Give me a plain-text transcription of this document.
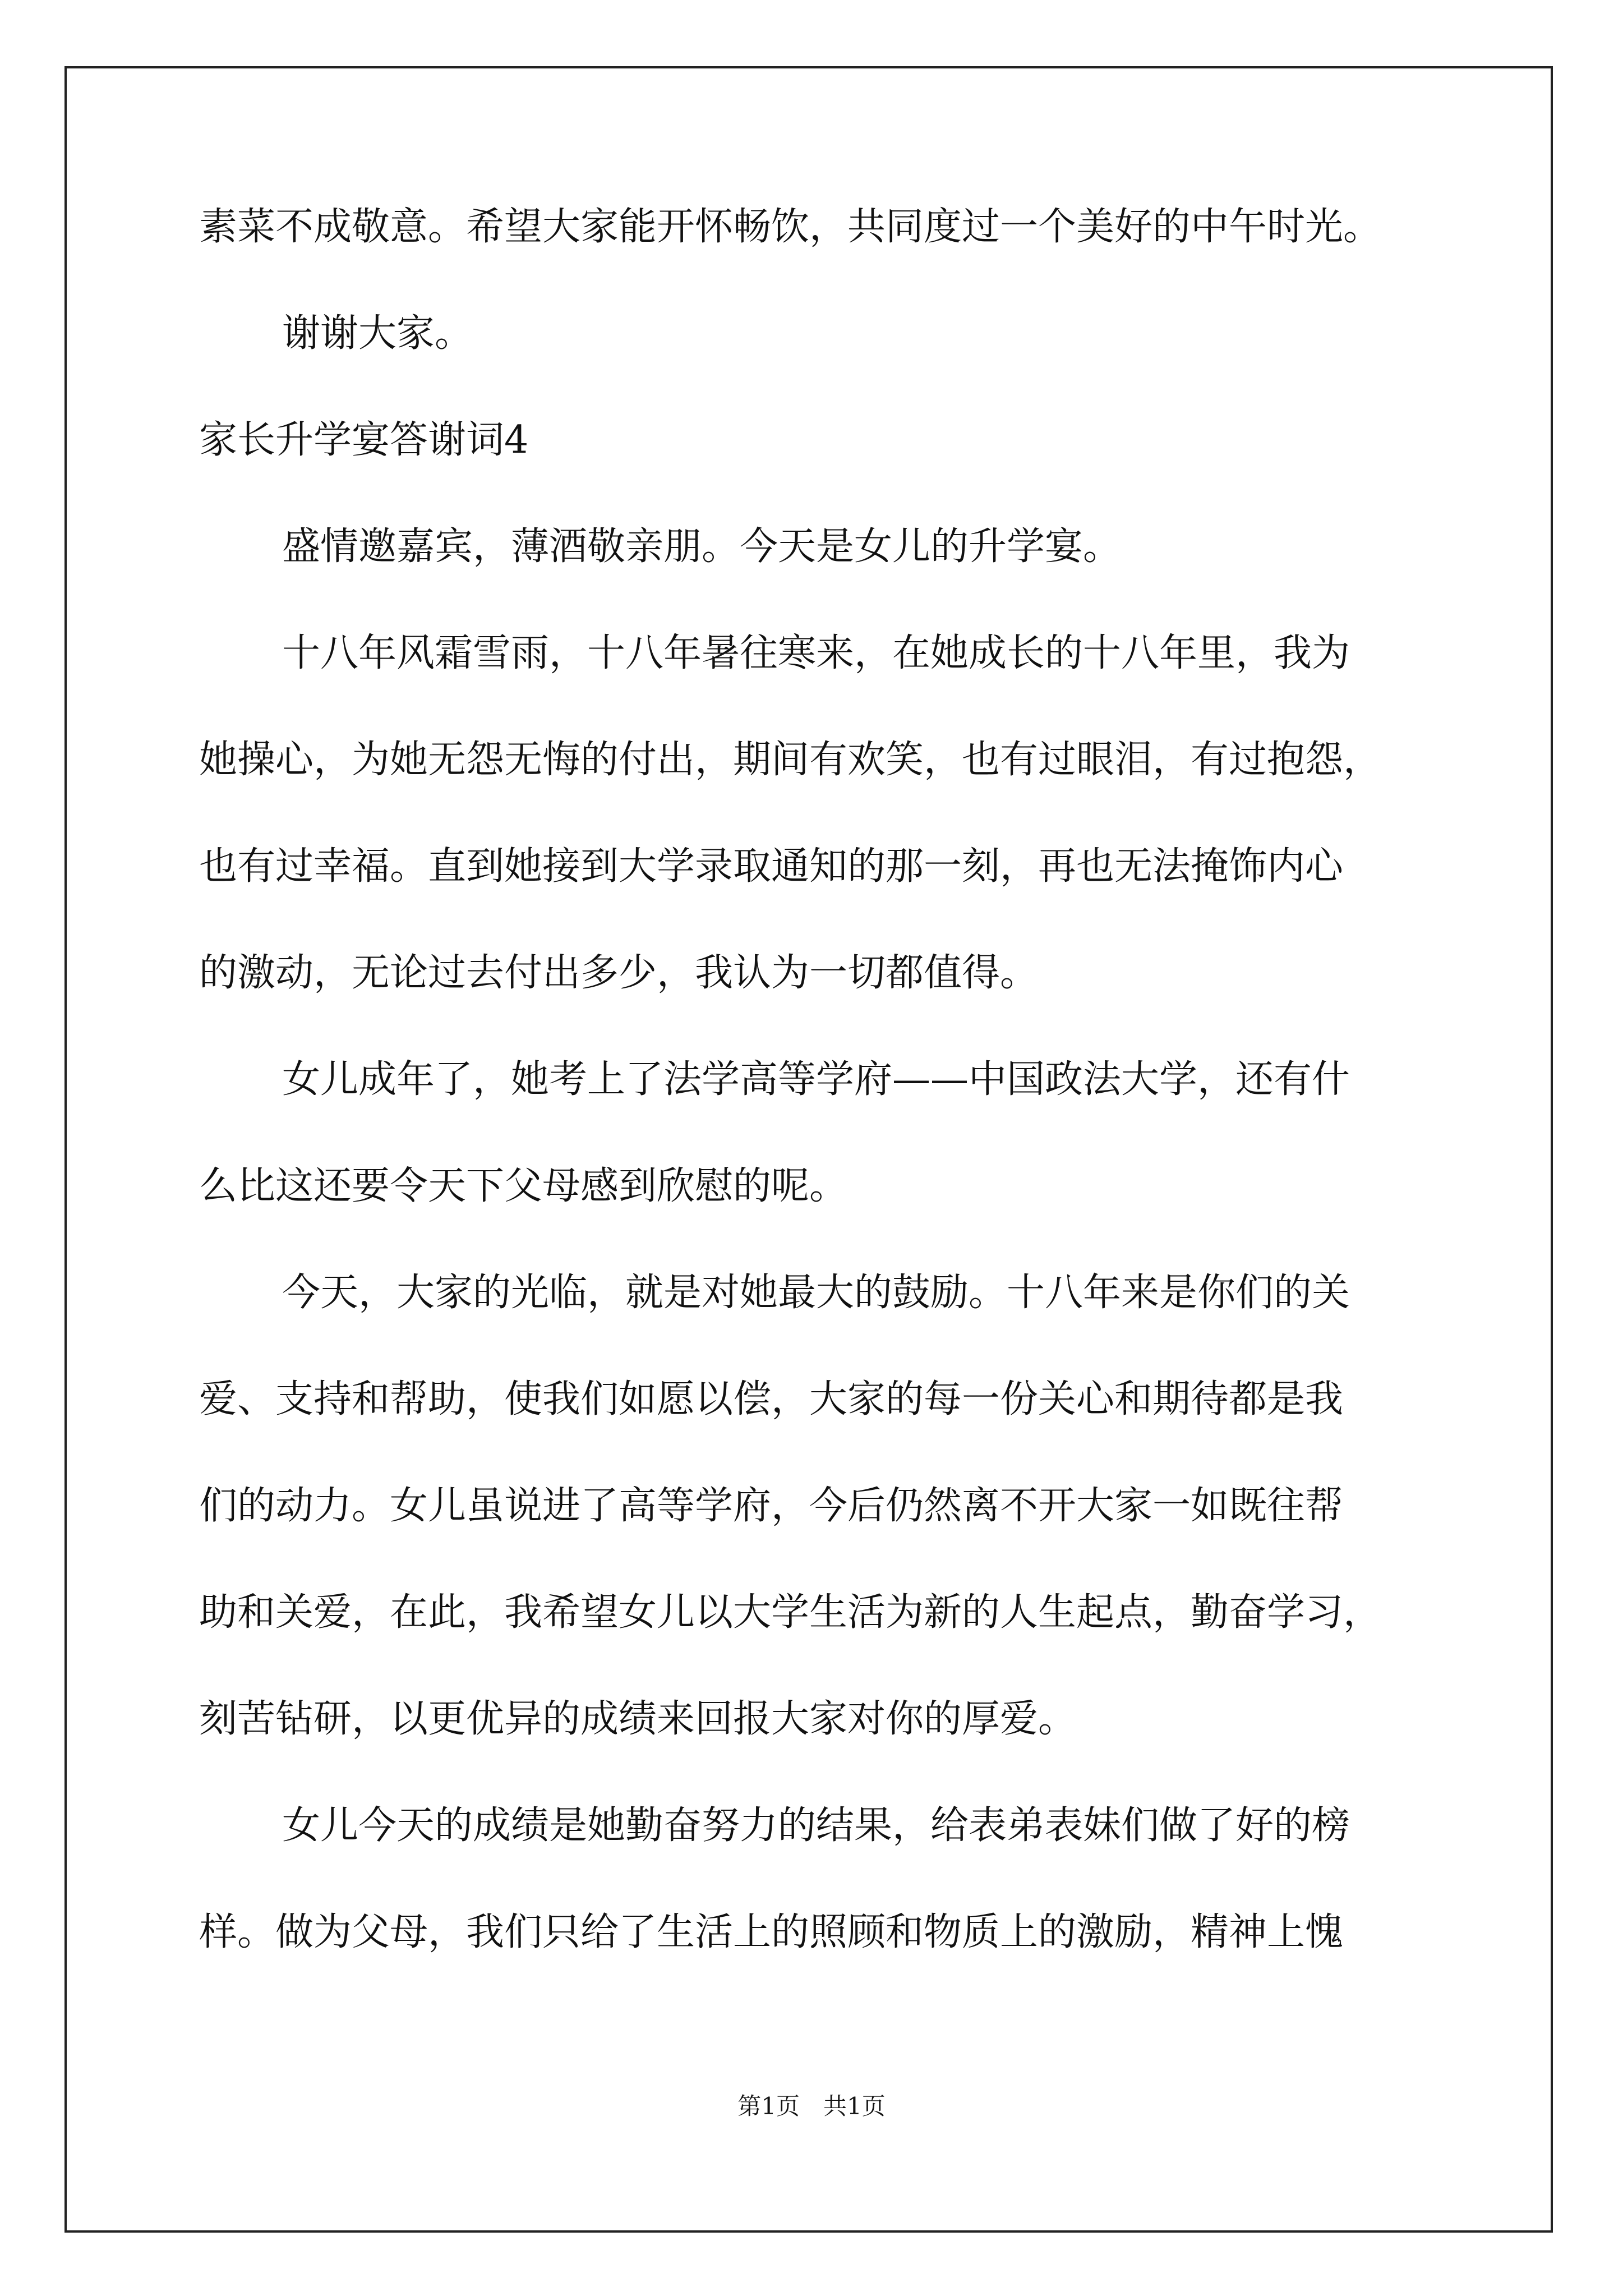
素菜不成敬意。希望大家能开怀畅饮，共同度过一个美好的中午时光。
谢谢大家。
家长升学宴答谢词4
盛情邀嘉宾，薄酒敬亲朋。今天是女儿的升学宴。
十八年风霜雪雨，十八年暑往寒来，在她成长的十八年里，我为
她操心，为她无怨无悔的付出，期间有欢笑，也有过眼泪，有过抱怨，
也有过幸福。直到她接到大学录取通知的那一刻，再也无法掩饰内心
的激动，无论过去付出多少，我认为一切都值得。
女儿成年了，她考上了法学高等学府——中国政法大学，还有什
么比这还要令天下父母感到欣慰的呢。
今天，大家的光临，就是对她最大的鼓励。十八年来是你们的关
爱、支持和帮助，使我们如愿以偿，大家的每一份关心和期待都是我
们的动力。女儿虽说进了高等学府，今后仍然离不开大家一如既往帮
助和关爱，在此，我希望女儿以大学生活为新的人生起点，勤奋学习，
刻苦钻研，以更优异的成绩来回报大家对你的厚爱。
女儿今天的成绩是她勤奋努力的结果，给表弟表妹们做了好的榜
样。做为父母，我们只给了生活上的照顾和物质上的激励，精神上愧
第1页　共1页
